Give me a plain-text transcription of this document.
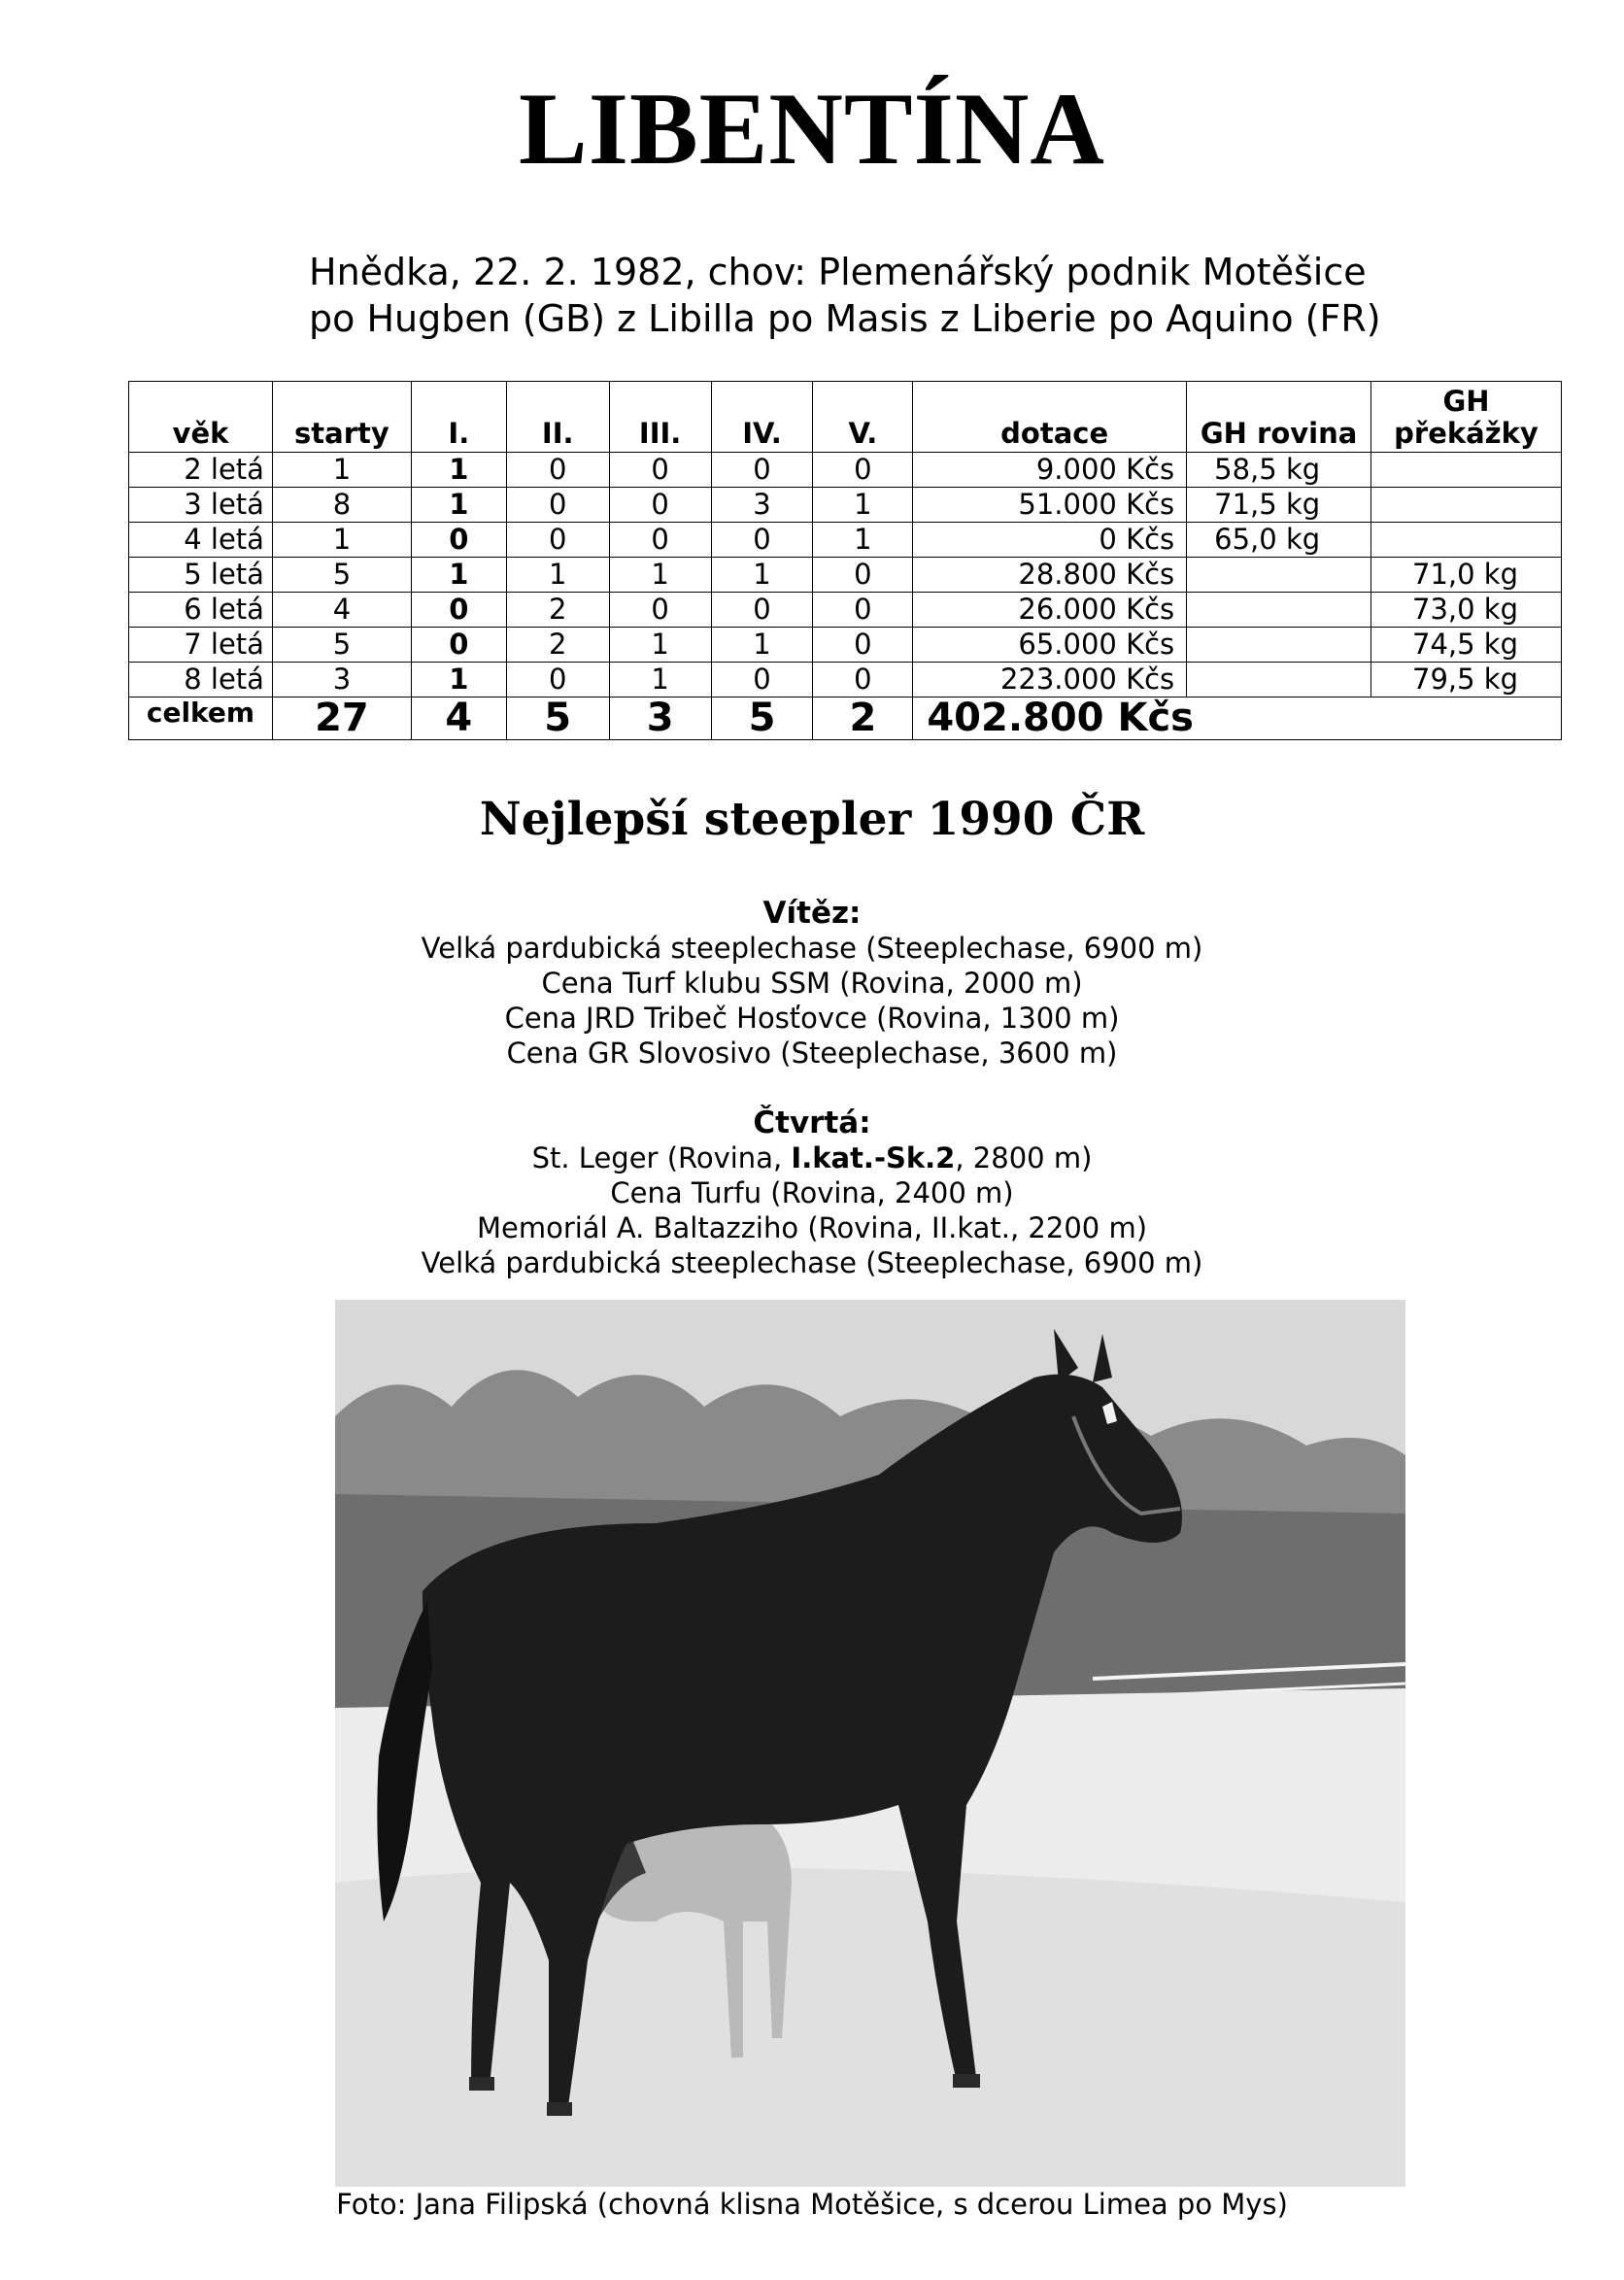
LIBENTÍNA
Hnědka, 22. 2. 1982, chov: Plemenářský podnik Motěšice
po Hugben (GB) z Libilla po Masis z Liberie po Aquino (FR)
věk	starty	I.	II.	III.	IV.	V.	dotace	GH rovina	GH překážky
2 letá	1	1	0	0	0	0	9.000 Kčs	58,5 kg	
3 letá	8	1	0	0	3	1	51.000 Kčs	71,5 kg	
4 letá	1	0	0	0	0	1	0 Kčs	65,0 kg	
5 letá	5	1	1	1	1	0	28.800 Kčs		71,0 kg
6 letá	4	0	2	0	0	0	26.000 Kčs		73,0 kg
7 letá	5	0	2	1	1	0	65.000 Kčs		74,5 kg
8 letá	3	1	0	1	0	0	223.000 Kčs		79,5 kg
celkem	27	4	5	3	5	2	402.800 Kčs		
Nejlepší steepler 1990 ČR
Vítěz:
Velká pardubická steeplechase (Steeplechase, 6900 m)
Cena Turf klubu SSM (Rovina, 2000 m)
Cena JRD Tribeč Hosťovce (Rovina, 1300 m)
Cena GR Slovosivo (Steeplechase, 3600 m)
Čtvrtá:
St. Leger (Rovina, I.kat.-Sk.2, 2800 m)
Cena Turfu (Rovina, 2400 m)
Memoriál A. Baltazziho (Rovina, II.kat., 2200 m)
Velká pardubická steeplechase (Steeplechase, 6900 m)
Foto: Jana Filipská (chovná klisna Motěšice, s dcerou Limea po Mys)
